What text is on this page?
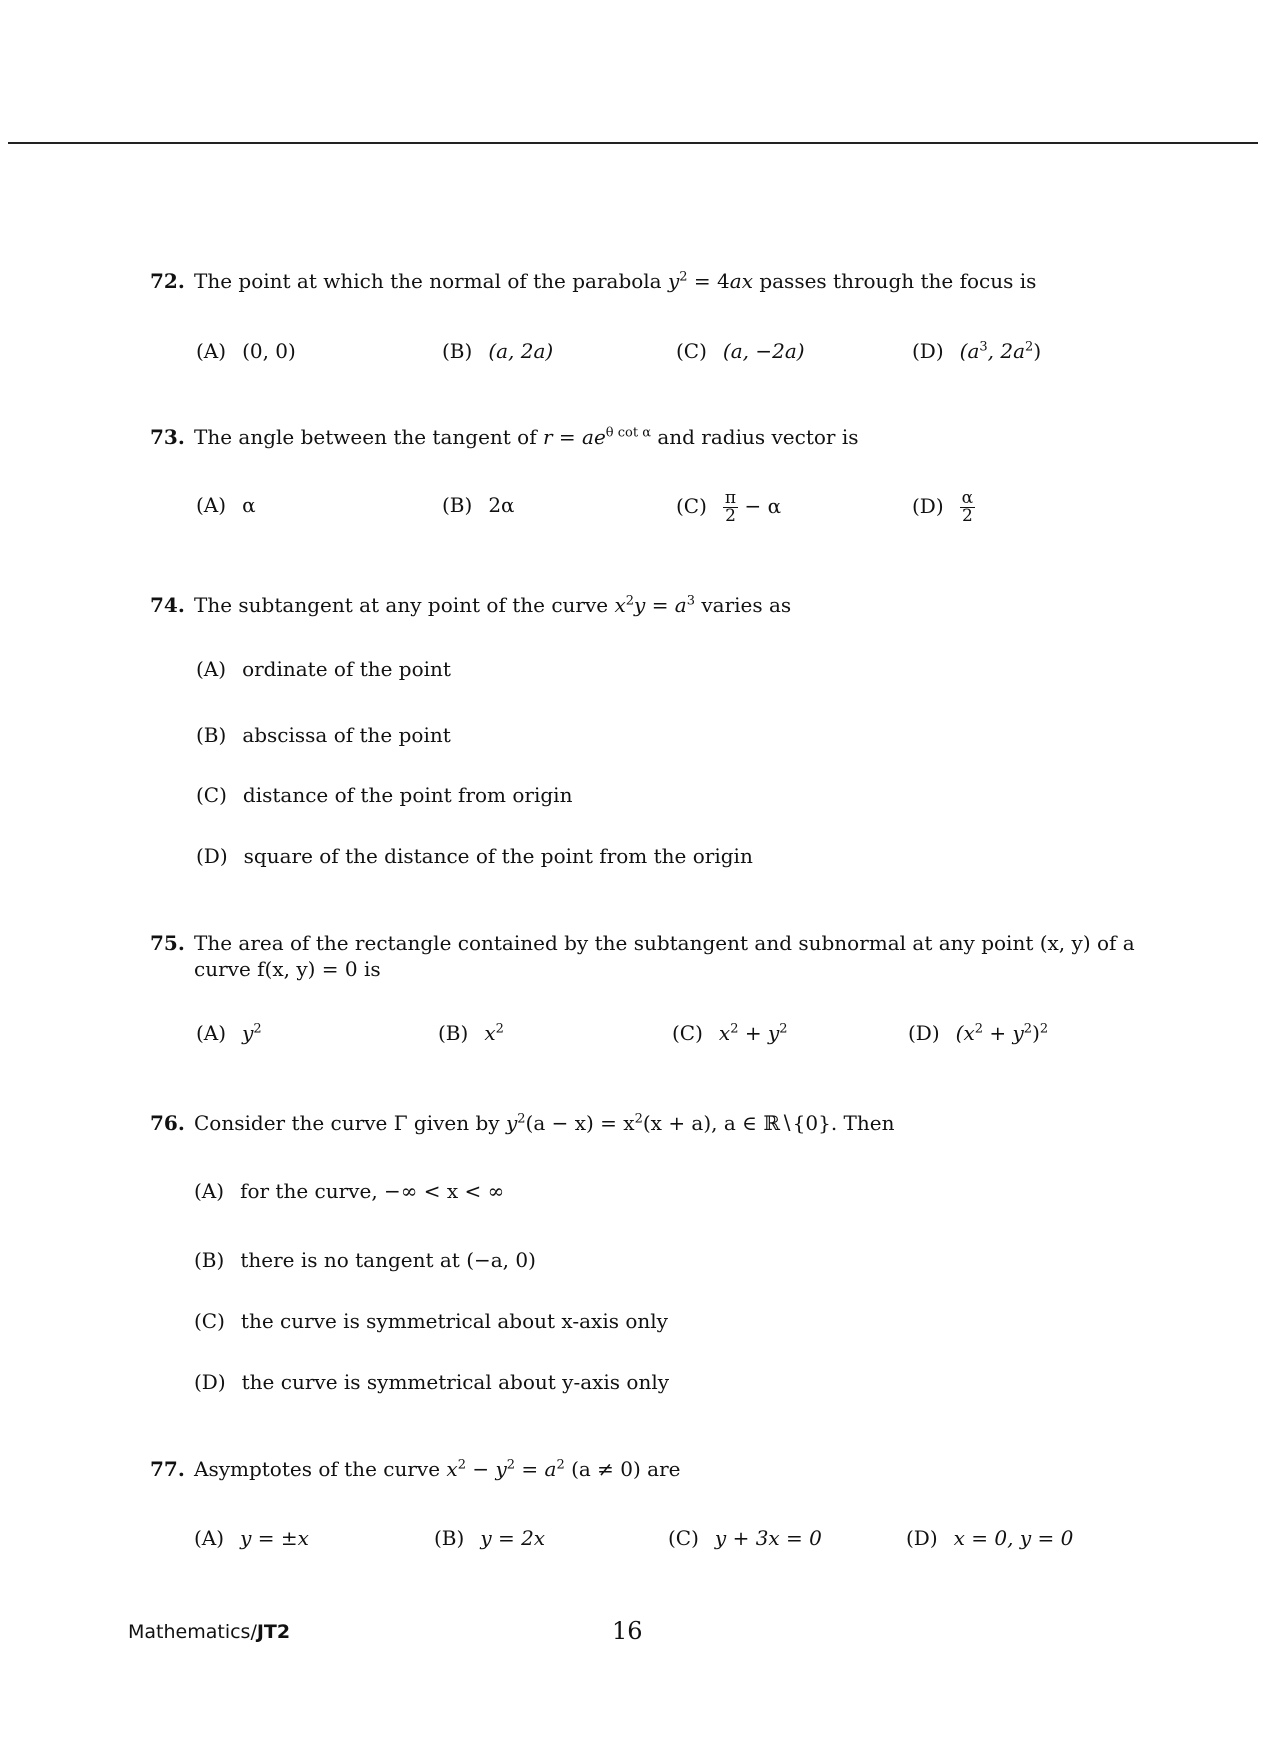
72. The point at which the normal of the parabola $y^2 = 4ax$ passes through the focus is
(A) (0, 0)	(B) (a, 2a)	(C) (a, −2a)	(D) ($a^3$, $2a^2$)
73. The angle between the tangent of $r = ae^{\theta cot \alpha}$ and radius vector is
(A) α	(B) 2α	$(C) \frac{\pi}{2} - \alpha$	$(D) \frac{\alpha}{2}$
74. The subtangent at any point of the curve $x^2y = a^3$ varies as
(A) ordinate of the point
(B) abscissa of the point
(C) distance of the point from origin
(D) square of the distance of the point from the origin
75. The area of the rectangle contained by the subtangent and subnormal at any point (x, y) of a curve f(x, y) = 0 is
(A) $y^2$	(B) $x^2$	(C) $x^2 + y^2$	(D) $(x^2 + y^2)^2$
76. Consider the curve Γ given by $y^2(a - x) = x^2(x + a)$, a ∈ ℝ∖{0}. Then
(A) for the curve, −∞ < x < ∞
(B) there is no tangent at (−a, 0)
(C) the curve is symmetrical about x-axis only
(D) the curve is symmetrical about y-axis only
77. Asymptotes of the curve $x^2 - y^2 = a^2$ (a ≠ 0) are
(A) y = ±x	(B) y = 2x	(C) y + 3x = 0	(D) x = 0, y = 0
Mathematics/JT2	16
